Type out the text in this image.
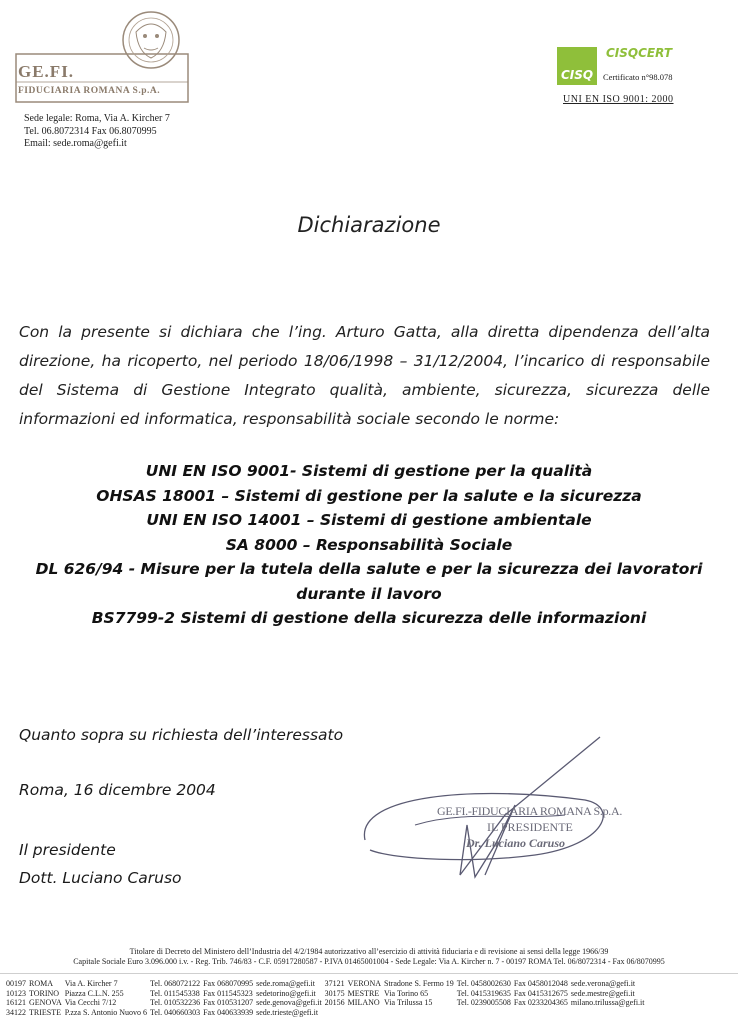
GE.FI.
FIDUCIARIA ROMANA S.p.A.
Sede legale: Roma, Via A. Kircher 7
Tel. 06.8072314 Fax 06.8070995
Email: sede.roma@gefi.it
CISQ
CISQCERT
Certificato n°98.078
UNI EN ISO 9001: 2000
Dichiarazione
Con la presente si dichiara che l’ing. Arturo Gatta, alla diretta dipendenza dell’alta direzione, ha ricoperto, nel periodo 18/06/1998 – 31/12/2004, l’incarico di responsabile del Sistema di Gestione Integrato qualità, ambiente, sicurezza, sicurezza delle informazioni ed informatica, responsabilità sociale secondo le norme:
UNI EN ISO 9001- Sistemi di gestione per la qualità
OHSAS 18001 – Sistemi di gestione per la salute e la sicurezza
UNI EN ISO 14001 – Sistemi di gestione ambientale
SA 8000 – Responsabilità Sociale
DL 626/94 - Misure per la tutela della salute e per la sicurezza dei lavoratori
durante il lavoro
BS7799-2 Sistemi di gestione della sicurezza delle informazioni
Quanto sopra su richiesta dell’interessato
Roma, 16 dicembre 2004
Il presidente
Dott. Luciano Caruso
GE.FI.-FIDUCIARIA ROMANA S.p.A.
IL PRESIDENTE
Dr. Luciano Caruso
Titolare di Decreto del Ministero dell’Industria del 4/2/1984 autorizzativo all’esercizio di attività fiduciaria e di revisione ai sensi della legge 1966/39
Capitale Sociale Euro 3.096.000 i.v. - Reg. Trib. 746/83 - C.F. 05917280587 - P.IVA 01465001004 - Sede Legale: Via A. Kircher n. 7 - 00197 ROMA Tel. 06/8072314 - Fax 06/8070995
00197	ROMA	Via A. Kircher 7	Tel. 068072122	Fax 068070995	sede.roma@gefi.it	37121	VERONA	Stradone S. Fermo 19	Tel. 0458002630	Fax 0458012048	sede.verona@gefi.it
10123	TORINO	Piazza C.L.N. 255	Tel. 011545338	Fax 011545323	sedetorino@gefi.it	30175	MESTRE	Via Torino 65	Tel. 0415319635	Fax 0415312675	sede.mestre@gefi.it
16121	GENOVA	Via Cecchi 7/12	Tel. 010532236	Fax 010531207	sede.genova@gefi.it	20156	MILANO	Via Trilussa 15	Tel. 0239005508	Fax 0233204365	milano.trilussa@gefi.it
34122	TRIESTE	P.zza S. Antonio Nuovo 6	Tel. 040660303	Fax 040633939	sede.trieste@gefi.it						
